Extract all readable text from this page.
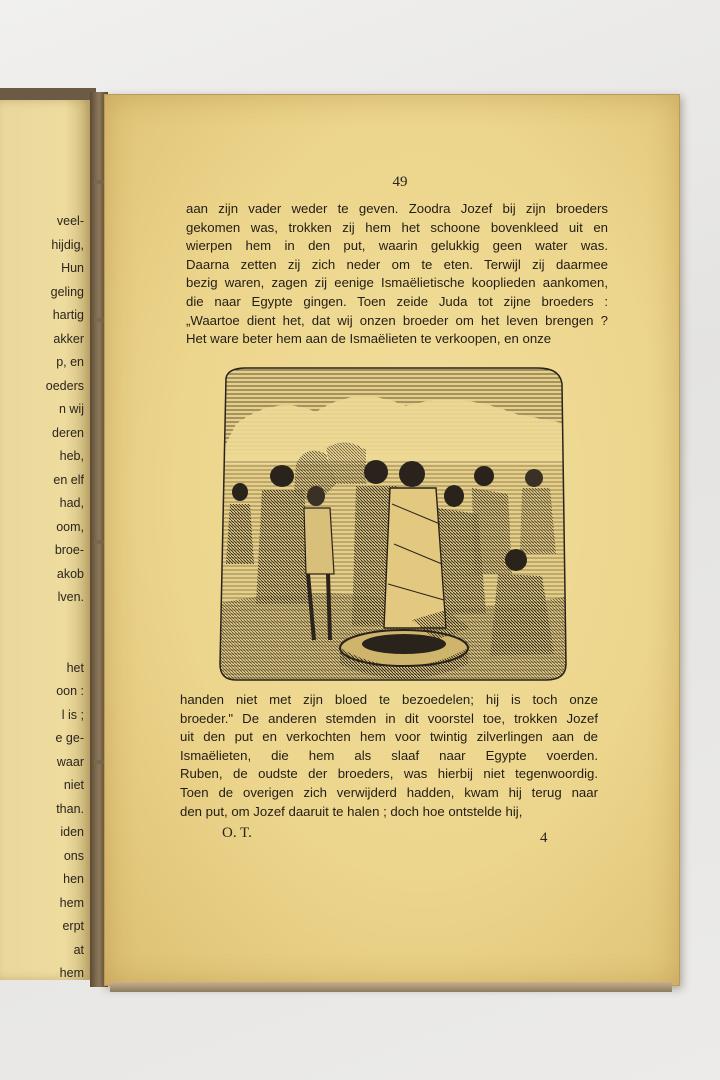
veel-
hijdig,
Hun
geling
hartig
akker
p, en
oeders
n wij
deren
heb,
en elf
had,
oom,
broe-
akob
lven.
het
oon :
l is ;
e ge-
waar
niet
than.
iden
ons
hen
hem
erpt
at
hem
49
aan zijn vader weder te geven. Zoodra Jozef bij zijn broeders
gekomen was, trokken zij hem het schoone bovenkleed uit en
wierpen hem in den put, waarin gelukkig geen water was.
Daarna zetten zij zich neder om te eten. Terwijl zij daarmee
bezig waren, zagen zij eenige Ismaëlietische kooplieden aankomen,
die naar Egypte gingen. Toen zeide Juda tot zijne broeders :
„Waartoe dient het, dat wij onzen broeder om het leven brengen ?
Het ware beter hem aan de Ismaëlieten te verkoopen, en onze
handen niet met zijn bloed te bezoedelen; hij is toch onze
broeder." De anderen stemden in dit voorstel toe, trokken Jozef
uit den put en verkochten hem voor twintig zilverlingen aan de
Ismaëlieten, die hem als slaaf naar Egypte voerden.
Ruben, de oudste der broeders, was hierbij niet tegenwoordig.
Toen de overigen zich verwijderd hadden, kwam hij terug naar
den put, om Jozef daaruit te halen ; doch hoe ontstelde hij,
O. T.	4
